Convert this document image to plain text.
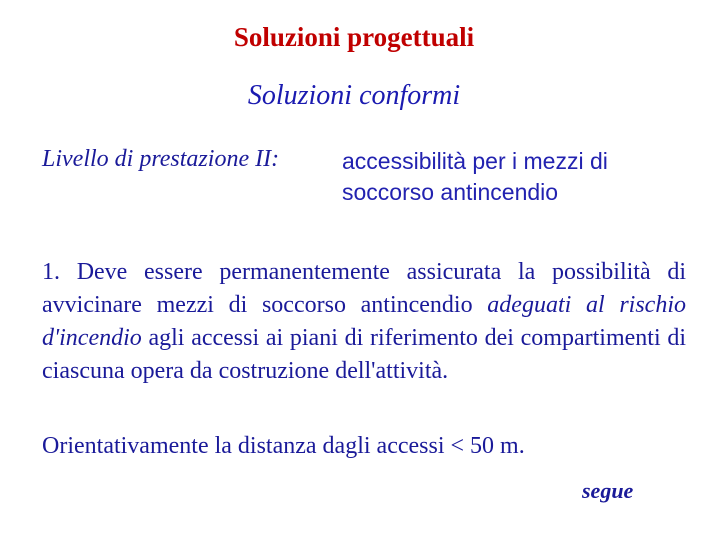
Soluzioni progettuali
Soluzioni conformi
Livello di prestazione II:	accessibilità per i mezzi di soccorso antincendio

1. Deve essere permanentemente assicurata la possibilità di avvicinare mezzi di soccorso antincendio adeguati al rischio d'incendio agli accessi ai piani di riferimento dei compartimenti di ciascuna opera da costruzione dell'attività.

Orientativamente la distanza dagli accessi < 50 m.
segue
